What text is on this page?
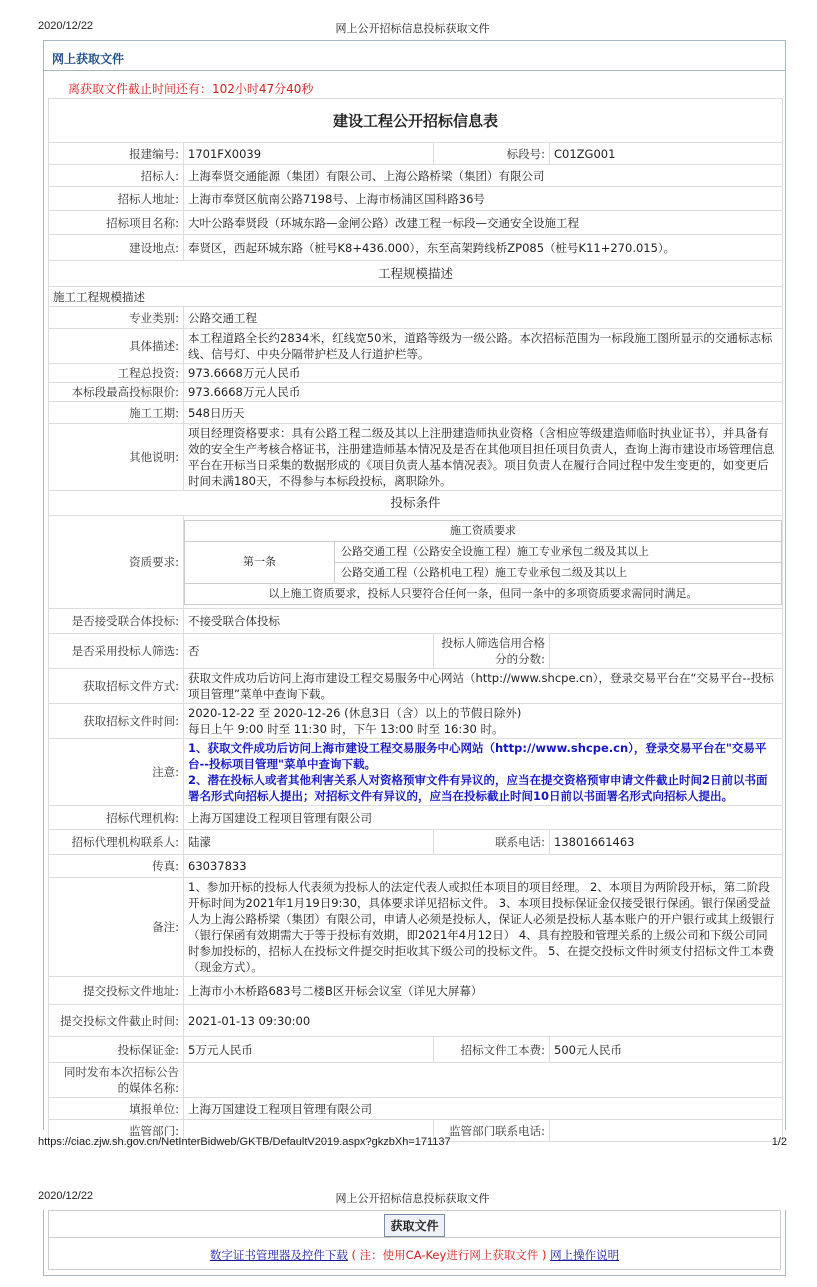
2020/12/22	网上公开招标信息投标获取文件
网上获取文件
离获取文件截止时间还有：102小时47分40秒
建设工程公开招标信息表
报建编号:	1701FX0039	标段号:	C01ZG001
招标人:	上海奉贤交通能源（集团）有限公司、上海公路桥梁（集团）有限公司
招标人地址:	上海市奉贤区航南公路7198号、上海市杨浦区国科路36号
招标项目名称:	大叶公路奉贤段（环城东路—金闸公路）改建工程一标段—交通安全设施工程
建设地点:	奉贤区，西起环城东路（桩号K8+436.000），东至高架跨线桥ZP085（桩号K11+270.015）。
工程规模描述
施工工程规模描述
专业类别:	公路交通工程
具体描述:	本工程道路全长约2834米，红线宽50米，道路等级为一级公路。本次招标范围为一标段施工图所显示的交通标志标线、信号灯、中央分隔带护栏及人行道护栏等。
工程总投资:	973.6668万元人民币
本标段最高投标限价:	973.6668万元人民币
施工工期:	548日历天
其他说明:	项目经理资格要求：具有公路工程二级及其以上注册建造师执业资格（含相应等级建造师临时执业证书），并具备有效的安全生产考核合格证书，注册建造师基本情况及是否在其他项目担任项目负责人，查询上海市建设市场管理信息平台在开标当日采集的数据形成的《项目负责人基本情况表》。项目负责人在履行合同过程中发生变更的，如变更后时间未满180天，不得参与本标段投标，离职除外。
投标条件
资质要求:	
施工资质要求
第一条	公路交通工程（公路安全设施工程）施工专业承包二级及其以上
公路交通工程（公路机电工程）施工专业承包二级及其以上
以上施工资质要求，投标人只要符合任何一条，但同一条中的多项资质要求需同时满足。

是否接受联合体投标:	不接受联合体投标
是否采用投标人筛选:	否	投标人筛选信用合格分的分数:	
获取招标文件方式:	获取文件成功后访问上海市建设工程交易服务中心网站（http://www.shcpe.cn），登录交易平台在“交易平台--投标项目管理”菜单中查询下载。
获取招标文件时间:	
2020-12-22 至 2020-12-26 (休息3日（含）以上的节假日除外)
每日上午 9:00 时至 11:30 时，下午 13:00 时至 16:30 时。

注意:	
1、获取文件成功后访问上海市建设工程交易服务中心网站（http://www.shcpe.cn），登录交易平台在"交易平台--投标项目管理"菜单中查询下载。
2、潜在投标人或者其他利害关系人对资格预审文件有异议的，应当在提交资格预审申请文件截止时间2日前以书面署名形式向招标人提出；对招标文件有异议的，应当在投标截止时间10日前以书面署名形式向招标人提出。

招标代理机构:	上海万国建设工程项目管理有限公司
招标代理机构联系人:	陆濛	联系电话:	13801661463
传真:	63037833
备注:	1、参加开标的投标人代表须为投标人的法定代表人或拟任本项目的项目经理。 2、本项目为两阶段开标，第二阶段开标时间为2021年1月19日9:30，具体要求详见招标文件。 3、本项目投标保证金仅接受银行保函。银行保函受益人为上海公路桥梁（集团）有限公司，申请人必须是投标人，保证人必须是投标人基本账户的开户银行或其上级银行（银行保函有效期需大于等于投标有效期，即2021年4月12日） 4、具有控股和管理关系的上级公司和下级公司同时参加投标的，招标人在投标文件提交时拒收其下级公司的投标文件。 5、在提交投标文件时须支付招标文件工本费（现金方式）。
提交投标文件地址:	上海市小木桥路683号二楼B区开标会议室（详见大屏幕）
提交投标文件截止时间:	2021-01-13 09:30:00
投标保证金:	5万元人民币	招标文件工本费:	500元人民币
同时发布本次招标公告的媒体名称:	
填报单位:	上海万国建设工程项目管理有限公司
监管部门:		监管部门联系电话:	
https://ciac.zjw.sh.gov.cn/NetInterBidweb/GKTB/DefaultV2019.aspx?gkzbXh=171137	1/2
2020/12/22	网上公开招标信息投标获取文件
获取文件
数字证书管理器及控件下载 ( 注：使用CA-Key进行网上获取文件 ) 网上操作说明
